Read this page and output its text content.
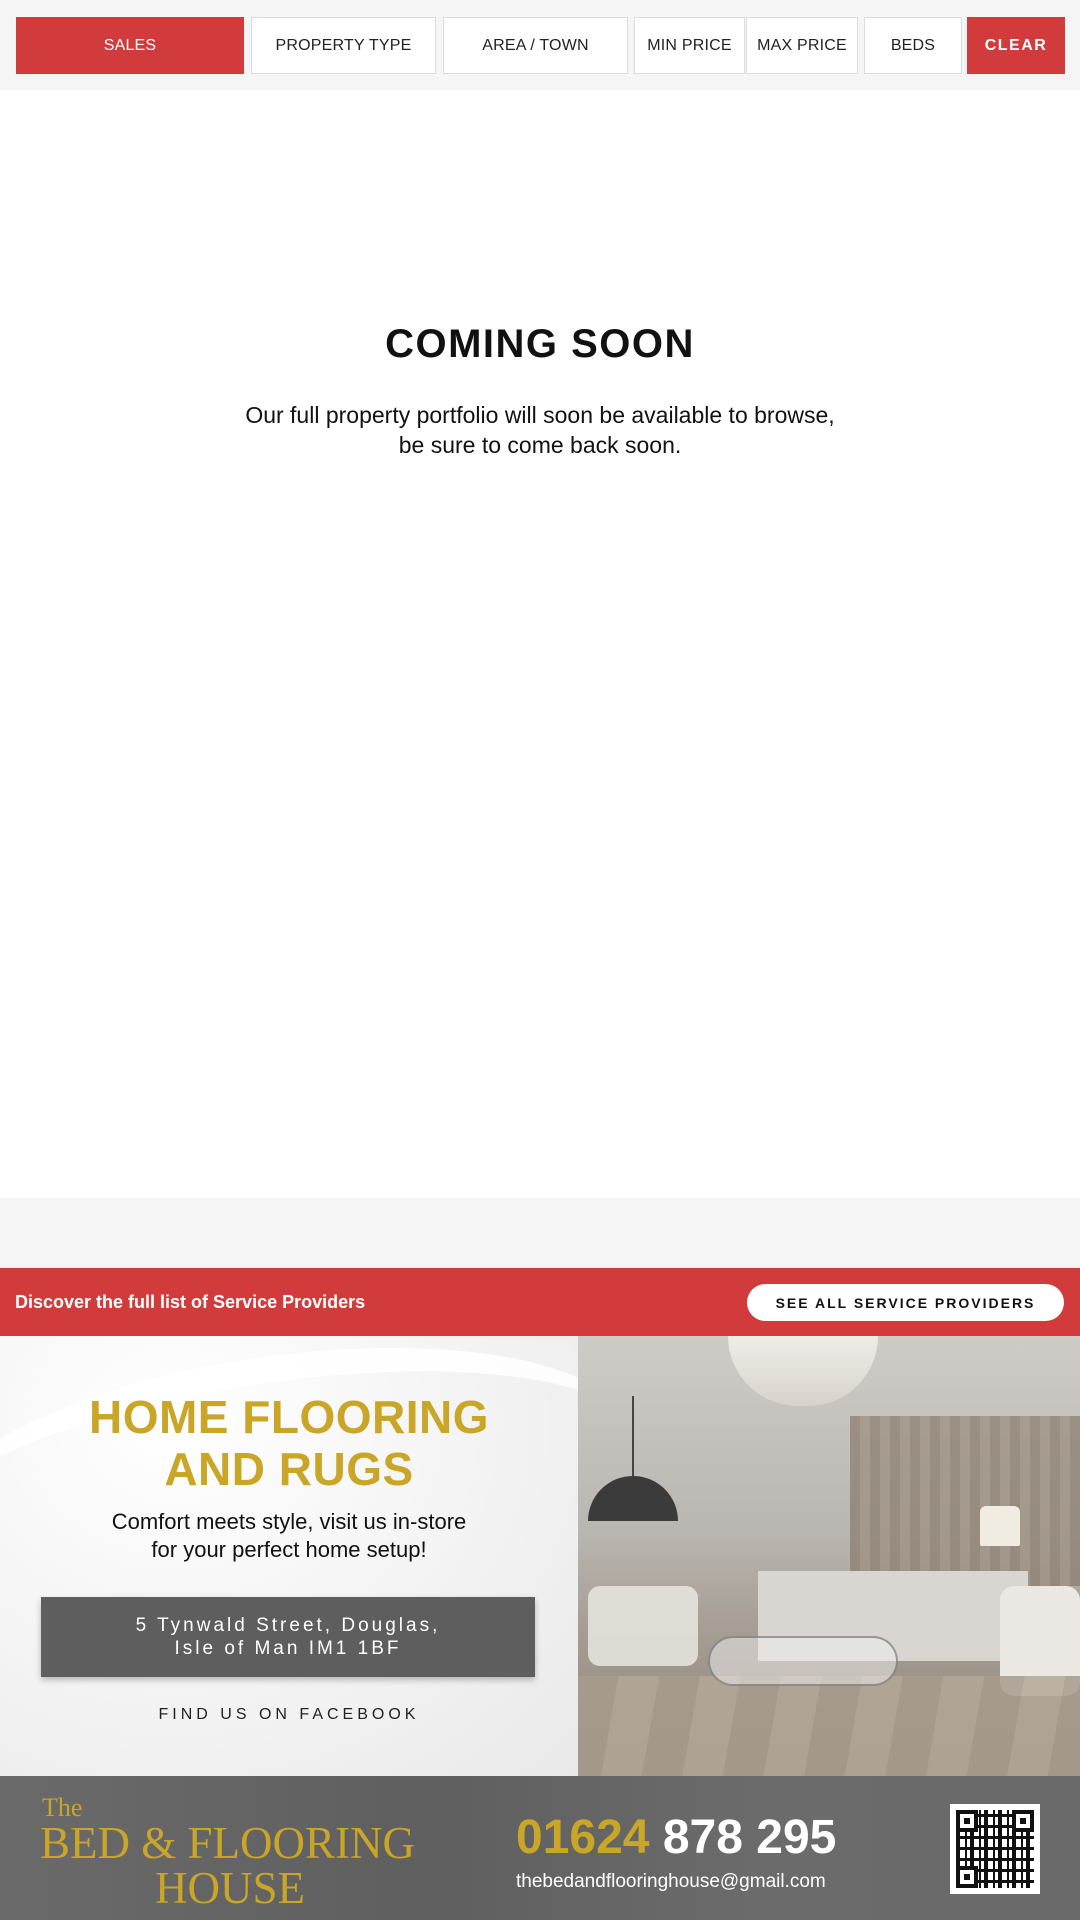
SALES	PROPERTY TYPE	AREA / TOWN	MIN PRICE	MAX PRICE	BEDS	CLEAR
COMING SOON

Our full property portfolio will soon be available to browse, be sure to come back soon.

Discover the full list of Service Providers	SEE ALL SERVICE PROVIDERS
HOME FLOORING
AND RUGS
Comfort meets style, visit us in-store
for your perfect home setup!
5 Tynwald Street, Douglas,
Isle of Man IM1 1BF
FIND US ON FACEBOOK
The
BED & FLOORING
HOUSE
01624 878 295
thebedandflooringhouse@gmail.com
